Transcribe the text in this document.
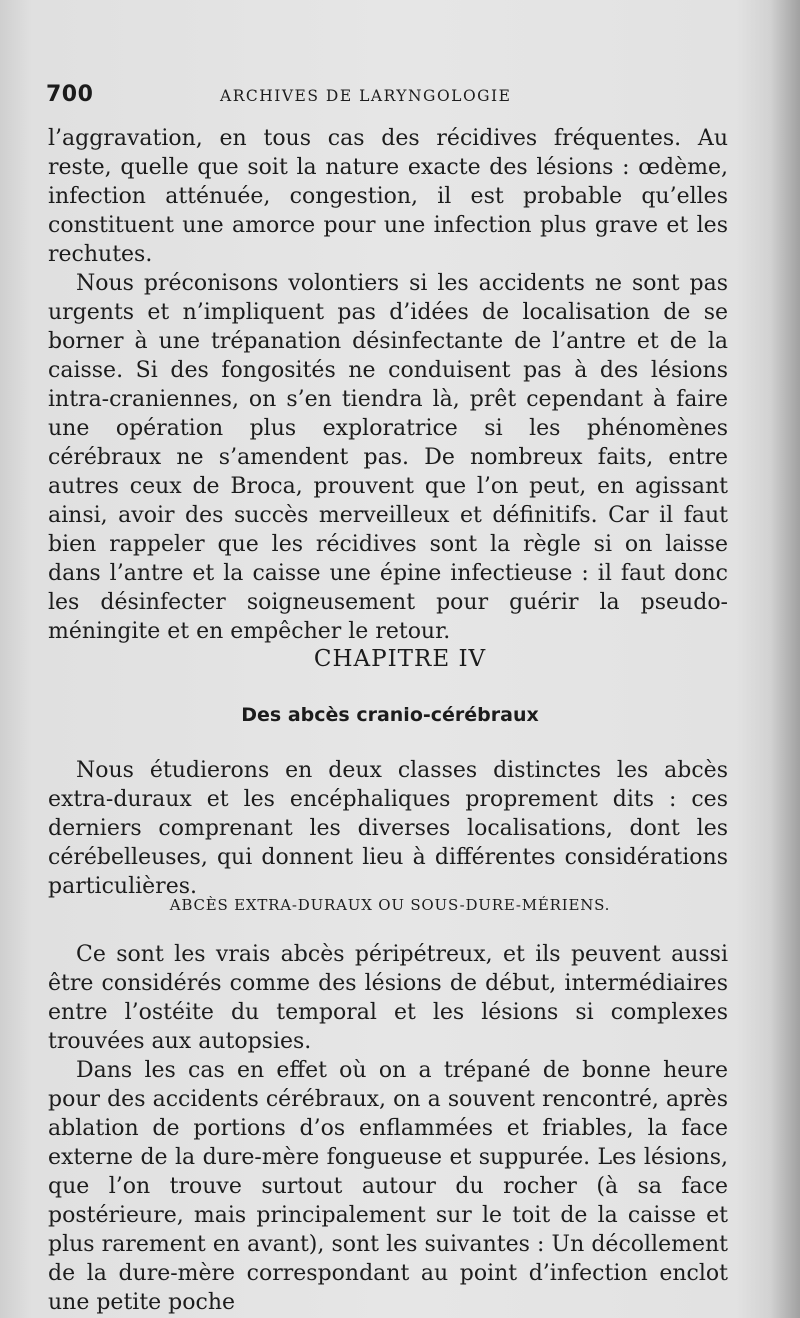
700	ARCHIVES DE LARYNGOLOGIE

l’aggravation, en tous cas des récidives fréquentes. Au reste, quelle que soit la nature exacte des lésions : œdème, infection atténuée, congestion, il est probable qu’elles constituent une amorce pour une infection plus grave et les rechutes.

Nous préconisons volontiers si les accidents ne sont pas urgents et n’impliquent pas d’idées de localisation de se borner à une trépanation désinfectante de l’antre et de la caisse. Si des fongosités ne conduisent pas à des lésions intra-craniennes, on s’en tiendra là, prêt cependant à faire une opération plus exploratrice si les phénomènes cérébraux ne s’amendent pas. De nombreux faits, entre autres ceux de Broca, prouvent que l’on peut, en agissant ainsi, avoir des succès merveilleux et définitifs. Car il faut bien rappeler que les récidives sont la règle si on laisse dans l’antre et la caisse une épine infectieuse : il faut donc les désinfecter soigneusement pour guérir la pseudo-méningite et en empêcher le retour.

CHAPITRE IV
Des abcès cranio-cérébraux

Nous étudierons en deux classes distinctes les abcès extra-duraux et les encéphaliques proprement dits : ces derniers comprenant les diverses localisations, dont les cérébelleuses, qui donnent lieu à différentes considérations particulières.

ABCÈS EXTRA-DURAUX OU SOUS-DURE-MÉRIENS.

Ce sont les vrais abcès péripétreux, et ils peuvent aussi être considérés comme des lésions de début, intermédiaires entre l’ostéite du temporal et les lésions si complexes trouvées aux autopsies.

Dans les cas en effet où on a trépané de bonne heure pour des accidents cérébraux, on a souvent rencontré, après ablation de portions d’os enflammées et friables, la face externe de la dure-mère fongueuse et suppurée. Les lésions, que l’on trouve surtout autour du rocher (à sa face postérieure, mais principalement sur le toit de la caisse et plus rarement en avant), sont les suivantes : Un décollement de la dure-mère correspondant au point d’infection enclot une petite poche
